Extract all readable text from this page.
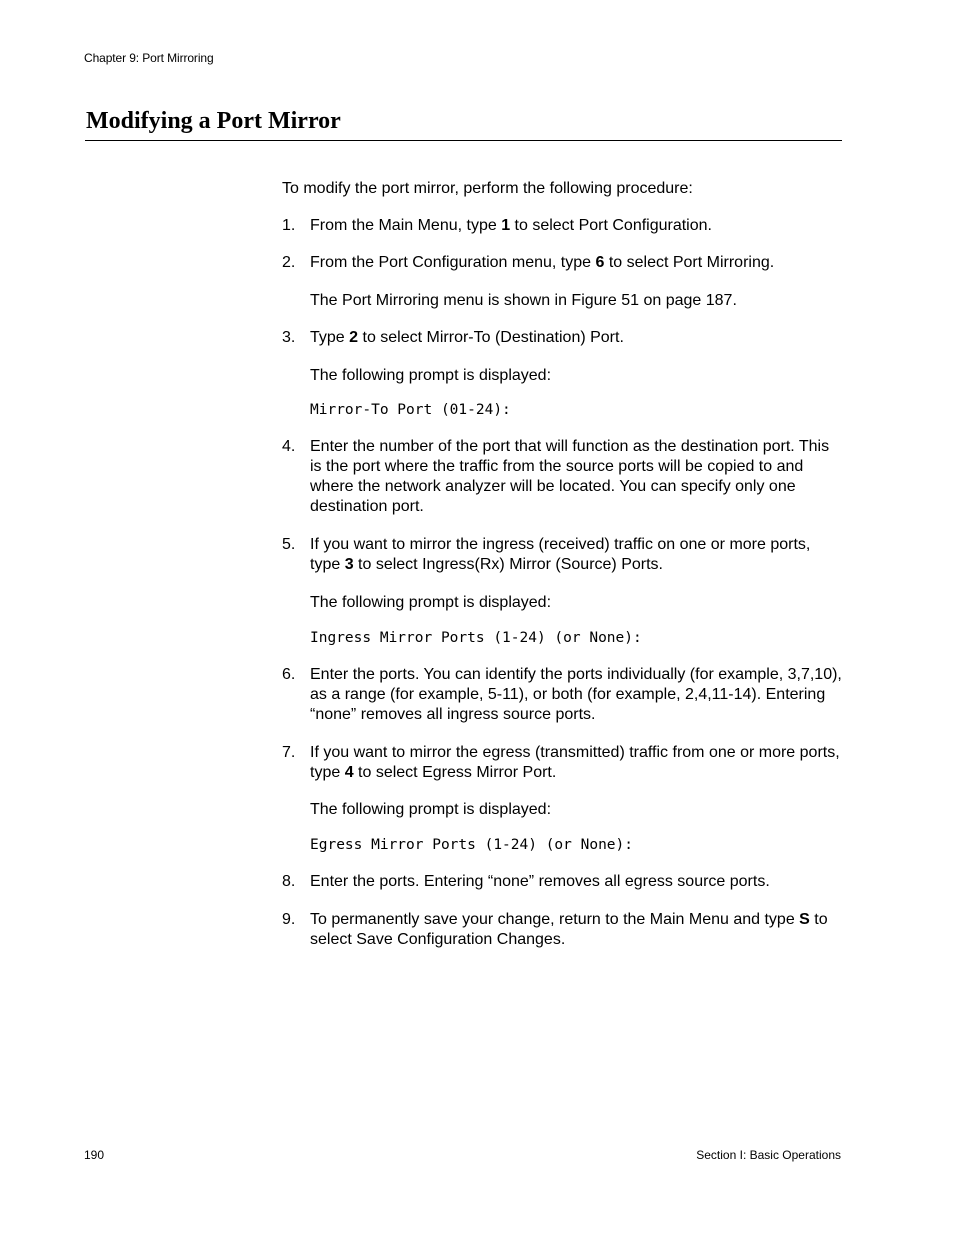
Chapter 9: Port Mirroring
Modifying a Port Mirror
To modify the port mirror, perform the following procedure:
1. From the Main Menu, type 1 to select Port Configuration.
2. From the Port Configuration menu, type 6 to select Port Mirroring.
The Port Mirroring menu is shown in Figure 51 on page 187.
3. Type 2 to select Mirror-To (Destination) Port.
The following prompt is displayed:
Mirror-To Port (01-24):
4. Enter the number of the port that will function as the destination port. This is the port where the traffic from the source ports will be copied to and where the network analyzer will be located. You can specify only one destination port.
5. If you want to mirror the ingress (received) traffic on one or more ports, type 3 to select Ingress(Rx) Mirror (Source) Ports.
The following prompt is displayed:
Ingress Mirror Ports (1-24) (or None):
6. Enter the ports. You can identify the ports individually (for example, 3,7,10), as a range (for example, 5-11), or both (for example, 2,4,11-14). Entering “none” removes all ingress source ports.
7. If you want to mirror the egress (transmitted) traffic from one or more ports, type 4 to select Egress Mirror Port.
The following prompt is displayed:
Egress Mirror Ports (1-24) (or None):
8. Enter the ports. Entering “none” removes all egress source ports.
9. To permanently save your change, return to the Main Menu and type S to select Save Configuration Changes.
190	Section I: Basic Operations
